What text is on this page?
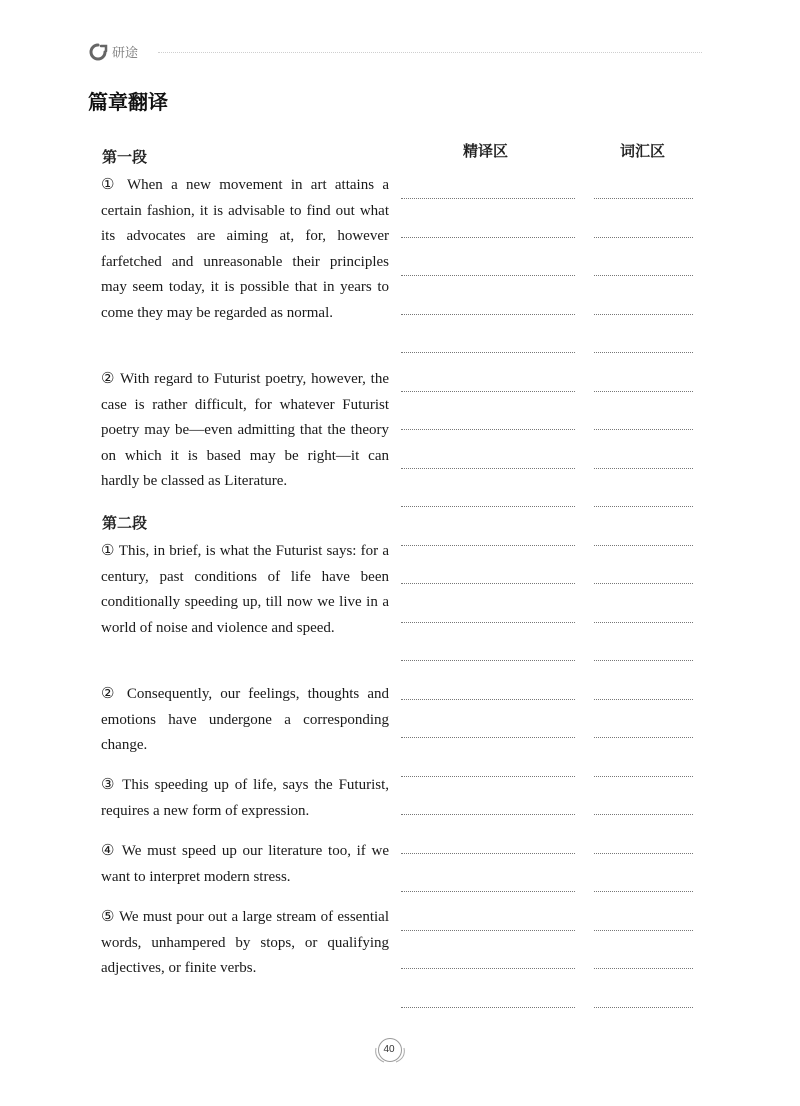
研途
篇章翻译
精译区	词汇区
第一段

① When a new movement in art attains a certain fashion, it is advisable to find out what its advocates are aiming at, for, however farfetched and unreasonable their principles may seem today, it is possible that in years to come they may be regarded as normal.

② With regard to Futurist poetry, however, the case is rather difficult, for whatever Futurist poetry may be—even admitting that the theory on which it is based may be right—it can hardly be classed as Literature.

第二段

① This, in brief, is what the Futurist says: for a century, past conditions of life have been conditionally speeding up, till now we live in a world of noise and violence and speed.

② Consequently, our feelings, thoughts and emotions have undergone a corresponding change.

③ This speeding up of life, says the Futurist, requires a new form of expression.

④ We must speed up our literature too, if we want to interpret modern stress.

⑤ We must pour out a large stream of essential words, unhampered by stops, or qualifying adjectives, or finite verbs.

40
